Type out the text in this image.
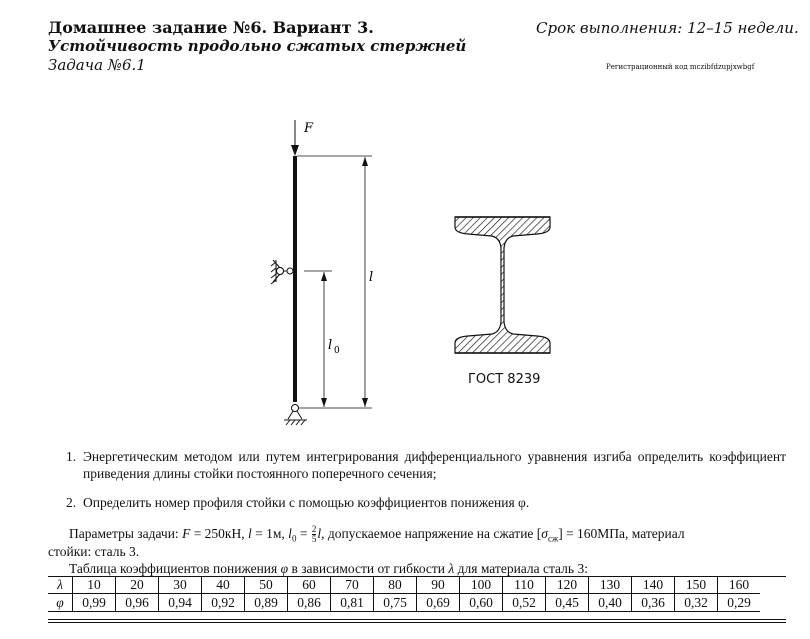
Домашнее задание №6. Вариант 3.
Устойчивость продольно сжатых стержней
Задача №6.1
Срок выполнения: 12–15 недели.
Регистрационный код mczibfdzupjxwbgf
F
l
l 0
ГОСТ 8239
1. Энергетическим методом или путем интегрирования дифференциального уравнения изгиба определить коэффициент приведения длины стойки постоянного поперечного сечения;
2. Определить номер профиля стойки с помощью коэффициентов понижения φ.
Параметры задачи: F = 250кН, l = 1м, $l_0 = \frac{2}{5} l$, допускаемое напряжение на сжатие $[\sigma_{сж}] = 160МПа$, материал
стойки: сталь 3.
Таблица коэффициентов понижения φ в зависимости от гибкости λ для материала сталь 3:
λ	10	20	30	40	50	60	70	80	90	100	110	120	130	140	150	160
φ	0,99	0,96	0,94	0,92	0,89	0,86	0,81	0,75	0,69	0,60	0,52	0,45	0,40	0,36	0,32	0,29
